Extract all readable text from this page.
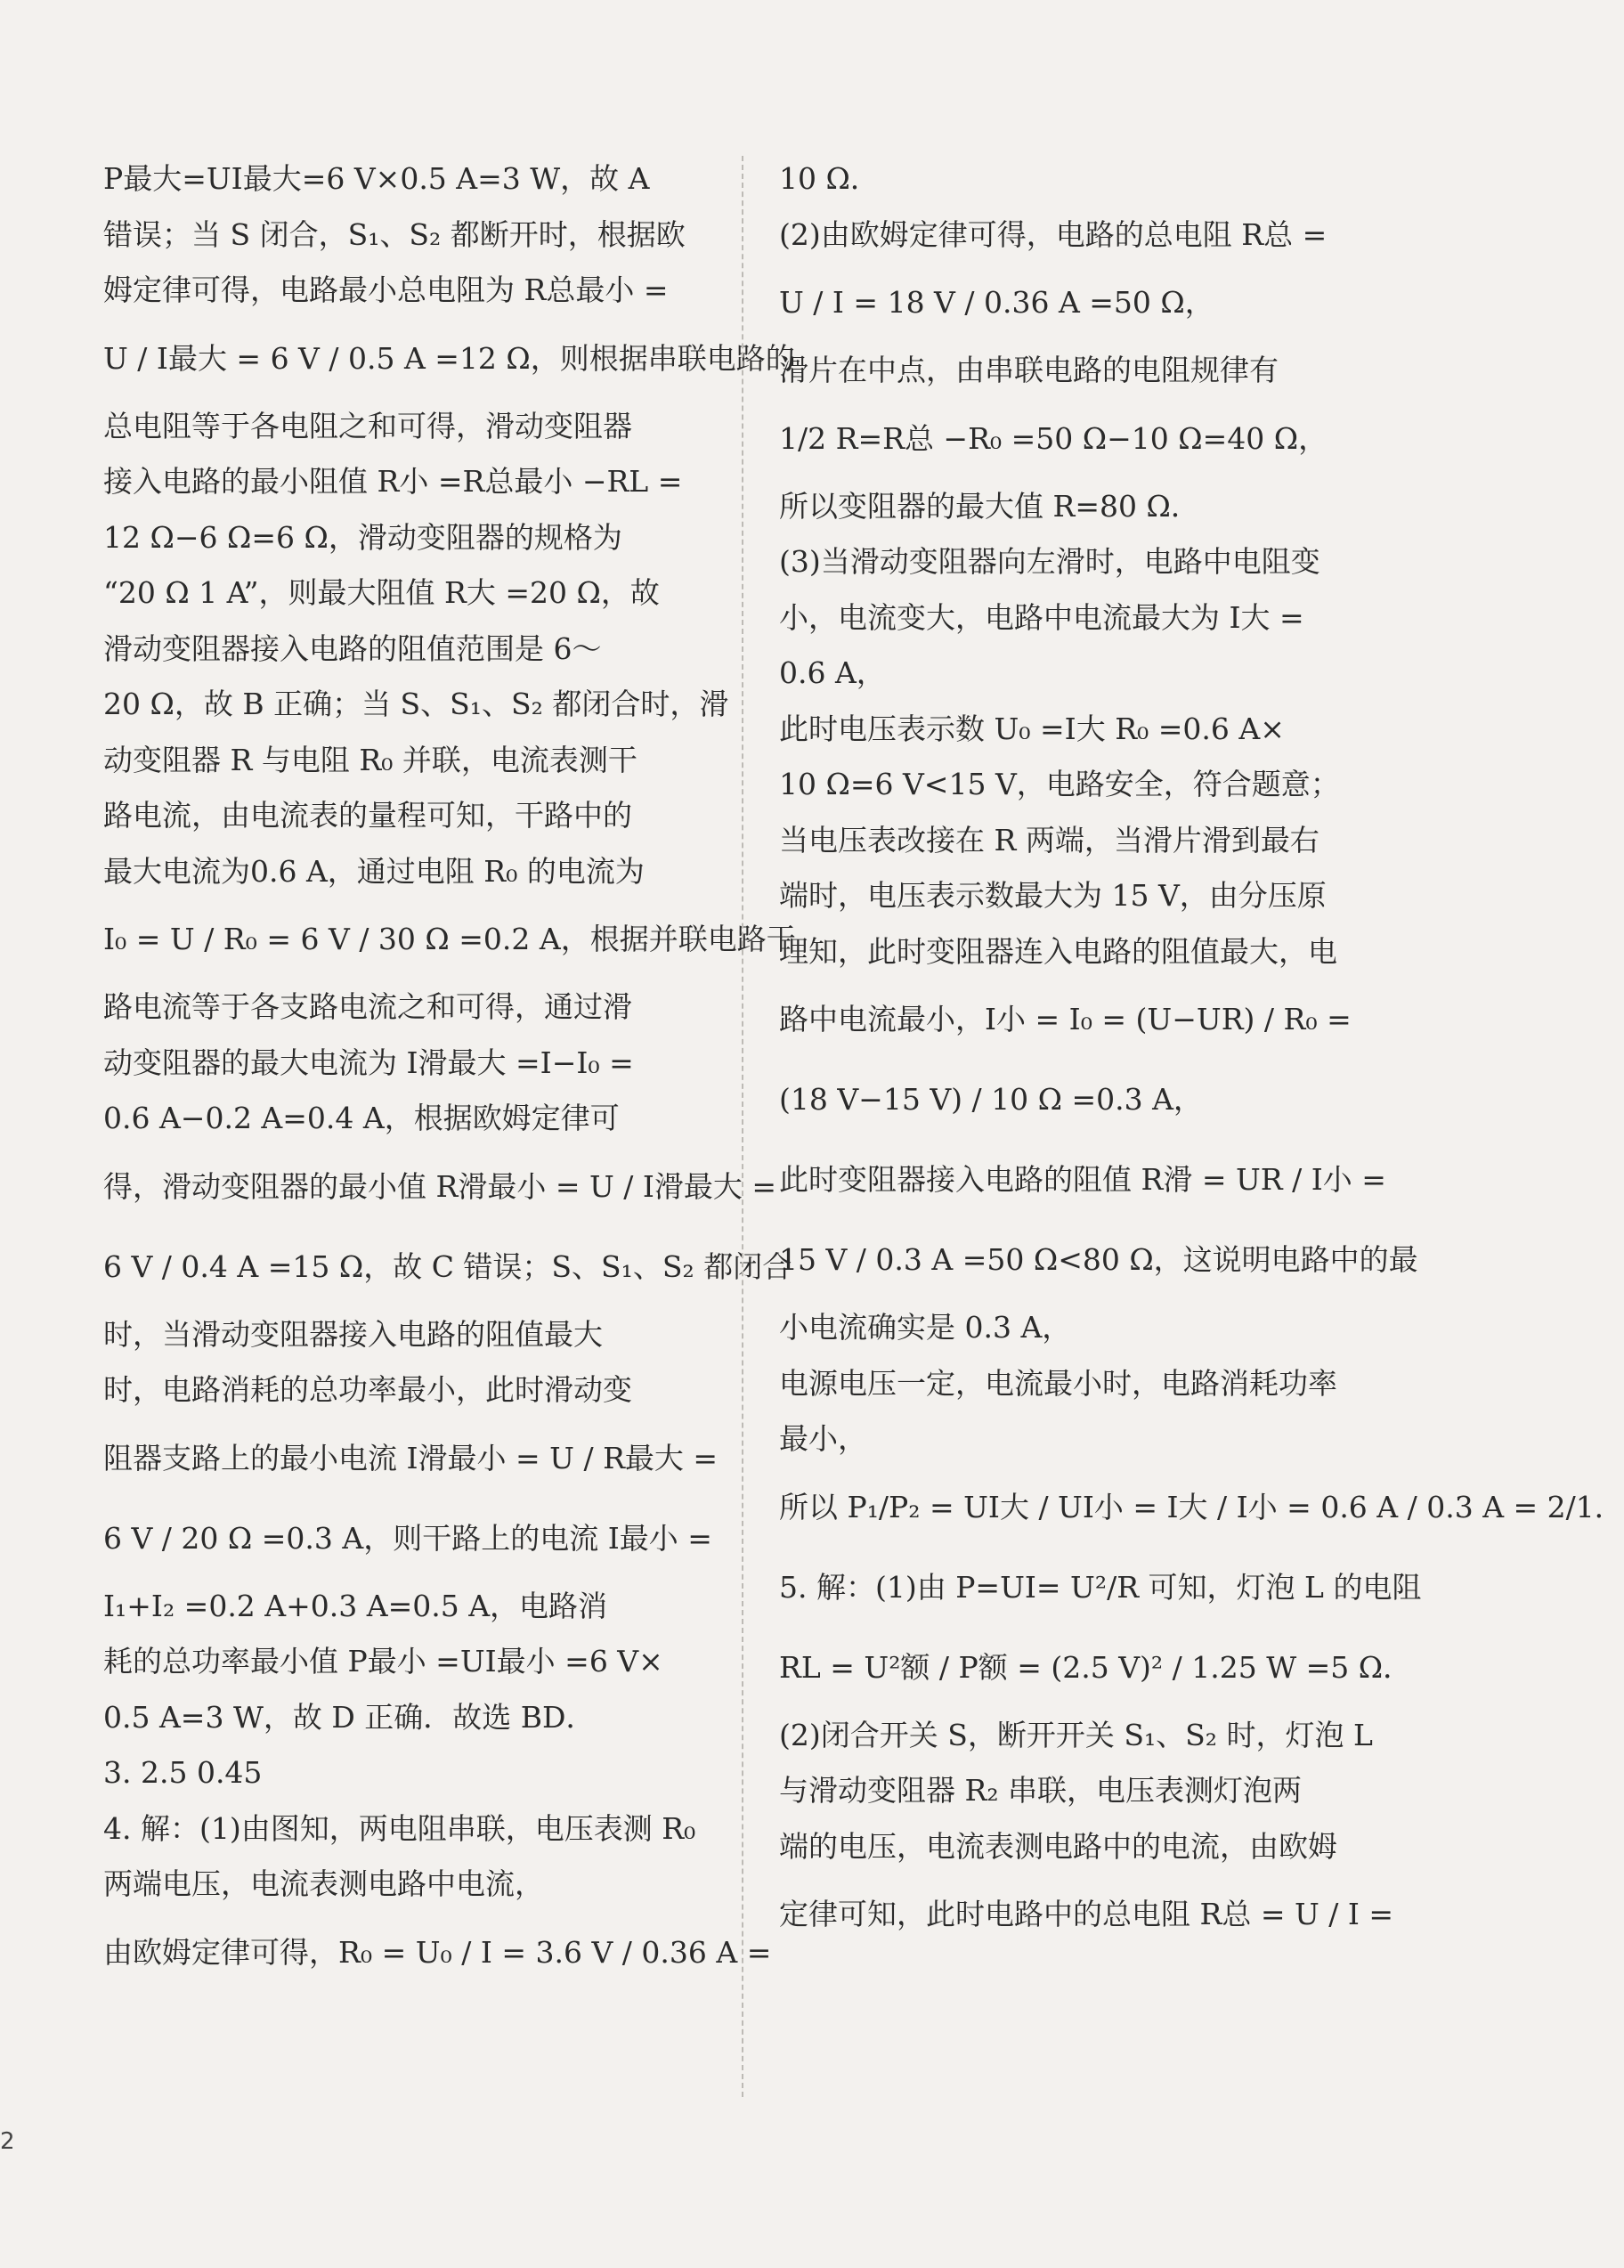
P最大=UI最大=6 V×0.5 A=3 W，故 A
错误；当 S 闭合，S₁、S₂ 都断开时，根据欧
姆定律可得，电路最小总电阻为 R总最小 =
U / I最大 = 6 V / 0.5 A =12 Ω，则根据串联电路的
总电阻等于各电阻之和可得，滑动变阻器
接入电路的最小阻值 R小 =R总最小 −RL =
12 Ω−6 Ω=6 Ω，滑动变阻器的规格为
“20 Ω 1 A”，则最大阻值 R大 =20 Ω，故
滑动变阻器接入电路的阻值范围是 6～
20 Ω，故 B 正确；当 S、S₁、S₂ 都闭合时，滑
动变阻器 R 与电阻 R₀ 并联，电流表测干
路电流，由电流表的量程可知，干路中的
最大电流为0.6 A，通过电阻 R₀ 的电流为
I₀ = U / R₀ = 6 V / 30 Ω =0.2 A，根据并联电路干
路电流等于各支路电流之和可得，通过滑
动变阻器的最大电流为 I滑最大 =I−I₀ =
0.6 A−0.2 A=0.4 A，根据欧姆定律可
得，滑动变阻器的最小值 R滑最小 = U / I滑最大 =
6 V / 0.4 A =15 Ω，故 C 错误；S、S₁、S₂ 都闭合
时，当滑动变阻器接入电路的阻值最大
时，电路消耗的总功率最小，此时滑动变
阻器支路上的最小电流 I滑最小 = U / R最大 =
6 V / 20 Ω =0.3 A，则干路上的电流 I最小 =
I₁+I₂ =0.2 A+0.3 A=0.5 A，电路消
耗的总功率最小值 P最小 =UI最小 =6 V×
0.5 A=3 W，故 D 正确．故选 BD．
3. 2.5 0.45
4. 解：(1)由图知，两电阻串联，电压表测 R₀
两端电压，电流表测电路中电流，
由欧姆定律可得，R₀ = U₀ / I = 3.6 V / 0.36 A =
10 Ω．
(2)由欧姆定律可得，电路的总电阻 R总 =
U / I = 18 V / 0.36 A =50 Ω，
滑片在中点，由串联电路的电阻规律有
1/2 R=R总 −R₀ =50 Ω−10 Ω=40 Ω，
所以变阻器的最大值 R=80 Ω．
(3)当滑动变阻器向左滑时，电路中电阻变
小，电流变大，电路中电流最大为 I大 =
0.6 A，
此时电压表示数 U₀ =I大 R₀ =0.6 A×
10 Ω=6 V<15 V，电路安全，符合题意；
当电压表改接在 R 两端，当滑片滑到最右
端时，电压表示数最大为 15 V，由分压原
理知，此时变阻器连入电路的阻值最大，电
路中电流最小，I小 = I₀ = (U−UR) / R₀ =
(18 V−15 V) / 10 Ω =0.3 A，
此时变阻器接入电路的阻值 R滑 = UR / I小 =
15 V / 0.3 A =50 Ω<80 Ω，这说明电路中的最
小电流确实是 0.3 A，
电源电压一定，电流最小时，电路消耗功率
最小，
所以 P₁/P₂ = UI大 / UI小 = I大 / I小 = 0.6 A / 0.3 A = 2/1．
5. 解：(1)由 P=UI= U²/R 可知，灯泡 L 的电阻
RL = U²额 / P额 = (2.5 V)² / 1.25 W =5 Ω．
(2)闭合开关 S，断开开关 S₁、S₂ 时，灯泡 L
与滑动变阻器 R₂ 串联，电压表测灯泡两
端的电压，电流表测电路中的电流，由欧姆
定律可知，此时电路中的总电阻 R总 = U / I =
2
